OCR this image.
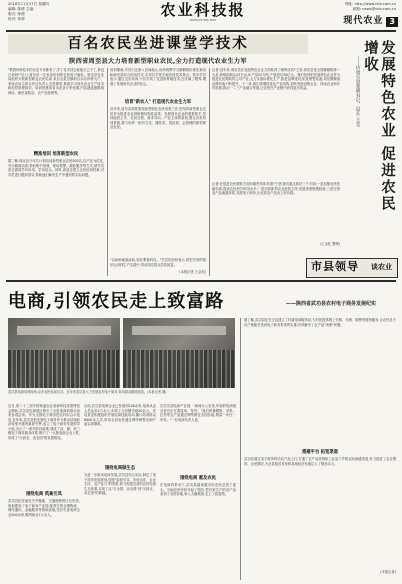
2016年11月17日 星期四
编辑: 陈俊 主编:
版式: 陈俊
校对: 郭翠	农业科技报
NONGYE KEJI BAO
网址: http://www.nkb.com.cn
邮箱: news@nkb.com.cn
现代农业 3
百名农民坐进课堂学技术
陕西省周至县大力培育新型职业农民,全力打造现代农业生力军
"教我种养技术的农业专家都来了,学了技术回去就能自己干了,真没白来呀!"近日,周至县一位参加培训的农民高兴地说。周至县农业局组织开展新型职业农民培训,来自全县各镇的百余名种养大户、家庭农场主和合作社负责人走进课堂,系统学习现代农业生产技术和经营管理知识。培训班邀请省市农业专家授课,内容涵盖猕猴桃栽培、病虫害防治、农产品营销等。
精准培训 培育新型农民
据了解,周至县今年共计划培训新型职业农民500名,以产业为依托,突出精准培训,采取集中授课、现场观摩、跟踪服务等方式,使学员真正做到学有所用、学用结合。同时,该县还建立农民培训档案,对学员进行跟踪指导,帮助他们解决生产中遇到的实际问题。
培训期间,学员们还深入田间地头,现场观摩学习猕猴桃标准化栽培和病虫害综合防治技术,专家们手把手地传授技术要点。很多学员表示,通过这次培训,不仅学到了先进的种植技术,还开阔了眼界,增强了发展现代农业的信心。
培育"新农人" 打造现代农业生力军
近年来,周至县高度重视新型职业农民培育工作,把培育新型职业农民作为推进农业供给侧结构性改革、发展现代农业的重要抓手,坚持政府主导、农民自愿、需求导向、产业主体的原则,整合各类培训资源,着力培养一批有文化、懂技术、善经营、会管理的新型职业农民。
"以前种地靠经验,现在要靠科技。"学员们纷纷表示,将把学到的知识运用到生产实践中,带动周边群众共同致富。
(本报记者 王金柱)
记者:近年来,周至县在发展特色农业方面取得了哪些成效?王莹:周至县是全国猕猴桃第一大县,种植面积达43万亩,年产量52万吨,产值超过30亿元。我们坚持把发展特色农业作为促进农民增收的主导产业,大力实施标准化生产,推进品牌建设,拓宽销售渠道,周至猕猴桃品牌价值不断提升。下一步,我们将继续优化产业结构,加快发展设施农业、休闲农业和乡村旅游,推动一二三产业融合发展,让农民在产业链中获得更多收益。
记者:在促进农民增收方面有哪些具体举措?王莹:我们重点抓好三个方面:一是加强农民技能培训,提高农民科学种田水平;二是培育新型农业经营主体,发展适度规模经营;三是完善农产品流通体系,发展电子商务,让优质农产品卖上好价钱。
(王金柱 整理)
——访周至县委副书记、县长 王莹	发展特色农业 促进农民增收
市县领导 谈农业
电商,引领农民走上致富路	——陕西省武功县农村电子商务发展纪实
武功县电商培训现场,众多农民参加学习。近年来武功县大力发展农村电子商务,带动群众增收致富。(本报记者 摄)
近日,第二十三届中国杨凌农业高新科技成果博览会期间,武功县电商展区吸引了大批客商和群众前来参观洽谈。作为全国电子商务进农村综合示范县,近年来,武功县把发展电子商务作为推动县域经济转型升级的重要引擎,成立了电子商务发展领导小组,出台了一系列扶持政策,建成了县、镇、村三级电子商务服务体系,吸引了一大批电商企业入驻,形成了"买西北、卖全国"的发展格局。
围绕电商 筑巢引凤
武功县依托地处关中腹地、交通便利的区位优势,规划建设了电子商务产业园,配套完善仓储物流、网络通讯、金融服务等基础设施,先后引进电商企业200余家,吸纳就业1万余人。
目前,武功县电商企业已发展到100余家,电商从业人员达到2万余人,年网上交易额突破20亿元。武功县还积极组织开展电商技能培训,累计培训群众8000余人次,带动全县农民通过网络销售农副产品实现增收。
围绕电商做生态
为进一步推动电商发展,武功县结合实际,制定了电子商务发展规划,按照"政府引导、市场运作、企业主体、农户参与"的思路,着力构建完善的农村电商生态体系,实现了从"买全国、卖全国"到"买西北、卖全国"的跨越。
在武功县电商产业园,一间间办公室里,年轻的电商创业者们正忙着接单、发货。"我们的猕猴桃、苹果、红枣等农产品通过网络销往全国各地,销量一年比一年好。"一位电商负责人说。
围绕电商 惠及农民
在电商的带动下,武功县越来越多的农民尝到了甜头。当地农民纷纷开起了网店,把自家生产的农产品卖到了全国各地,收入大幅增加,走上了致富路。
据了解,武功县还在全县建立了村级电商服务站,为村民提供网上代购、代销、缴费等便民服务,让农民足不出户就能享受到电子商务带来的实惠,有效解决了农产品"卖难"问题。
搭建平台 拓宽渠道
武功县通过电子商务带动农产品上行,打通了农产品进城和工业品下乡的双向流通渠道,有力促进了农业增效、农民增收,为全县脱贫攻坚和县域经济发展注入了强劲动力。
(本报记者)
